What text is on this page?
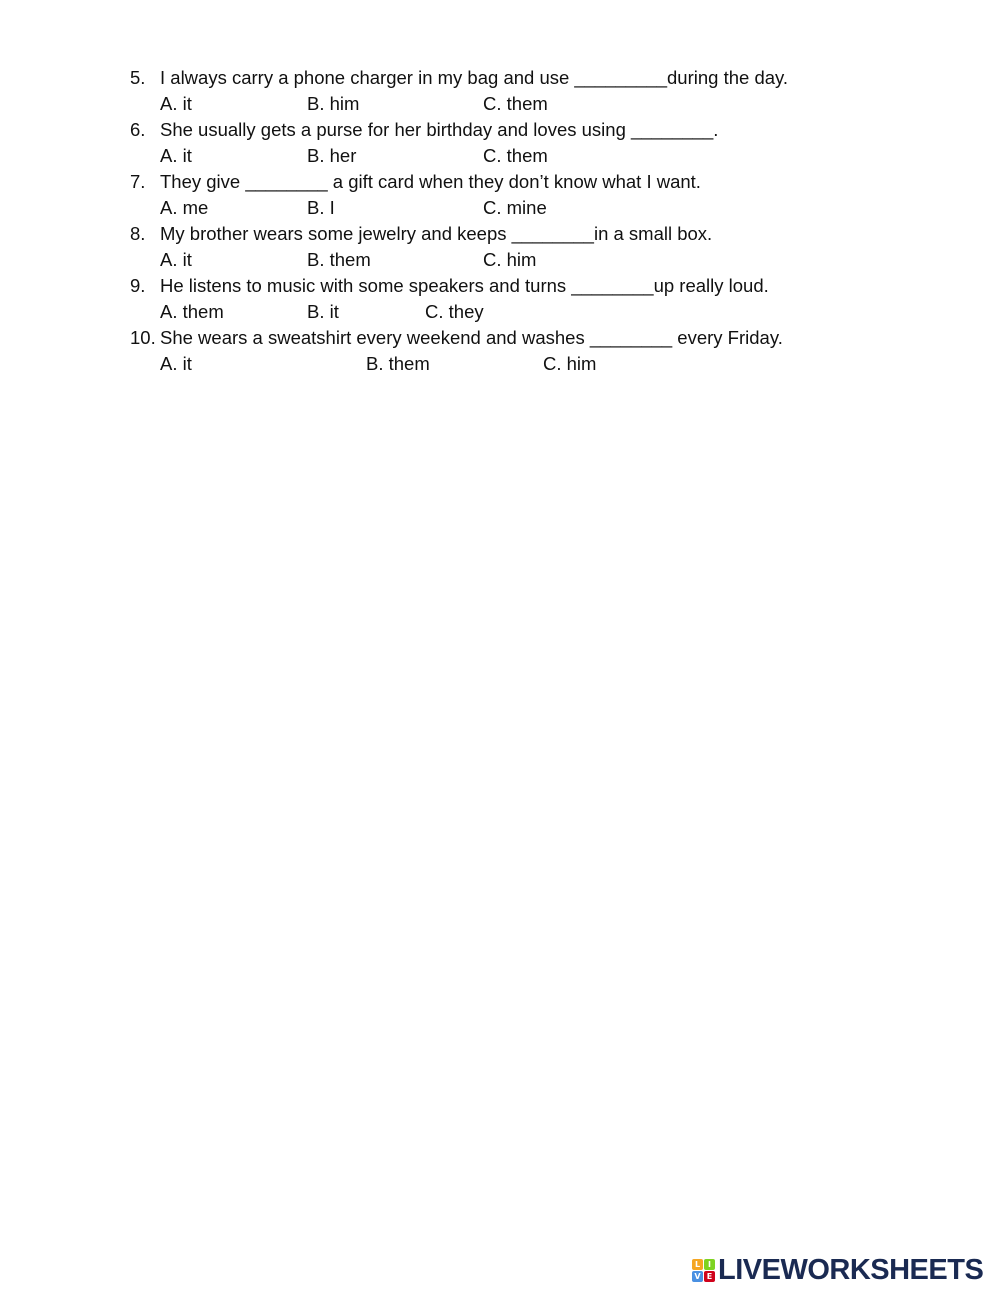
5. I always carry a phone charger in my bag and use _________during the day.
A. it	B. him	C. them
6. She usually gets a purse for her birthday and loves using ________.
A. it	B. her	C. them
7. They give ________ a gift card when they don’t know what I want.
A. me	B. I	C. mine
8. My brother wears some jewelry and keeps ________in a small box.
A. it	B. them	C. him
9. He listens to music with some speakers and turns ________up really loud.
A. them	B. it	C. they
10. She wears a sweatshirt every weekend and washes ________ every Friday.
A. it	B. them	C. him
L I
V E LIVEWORKSHEETS
